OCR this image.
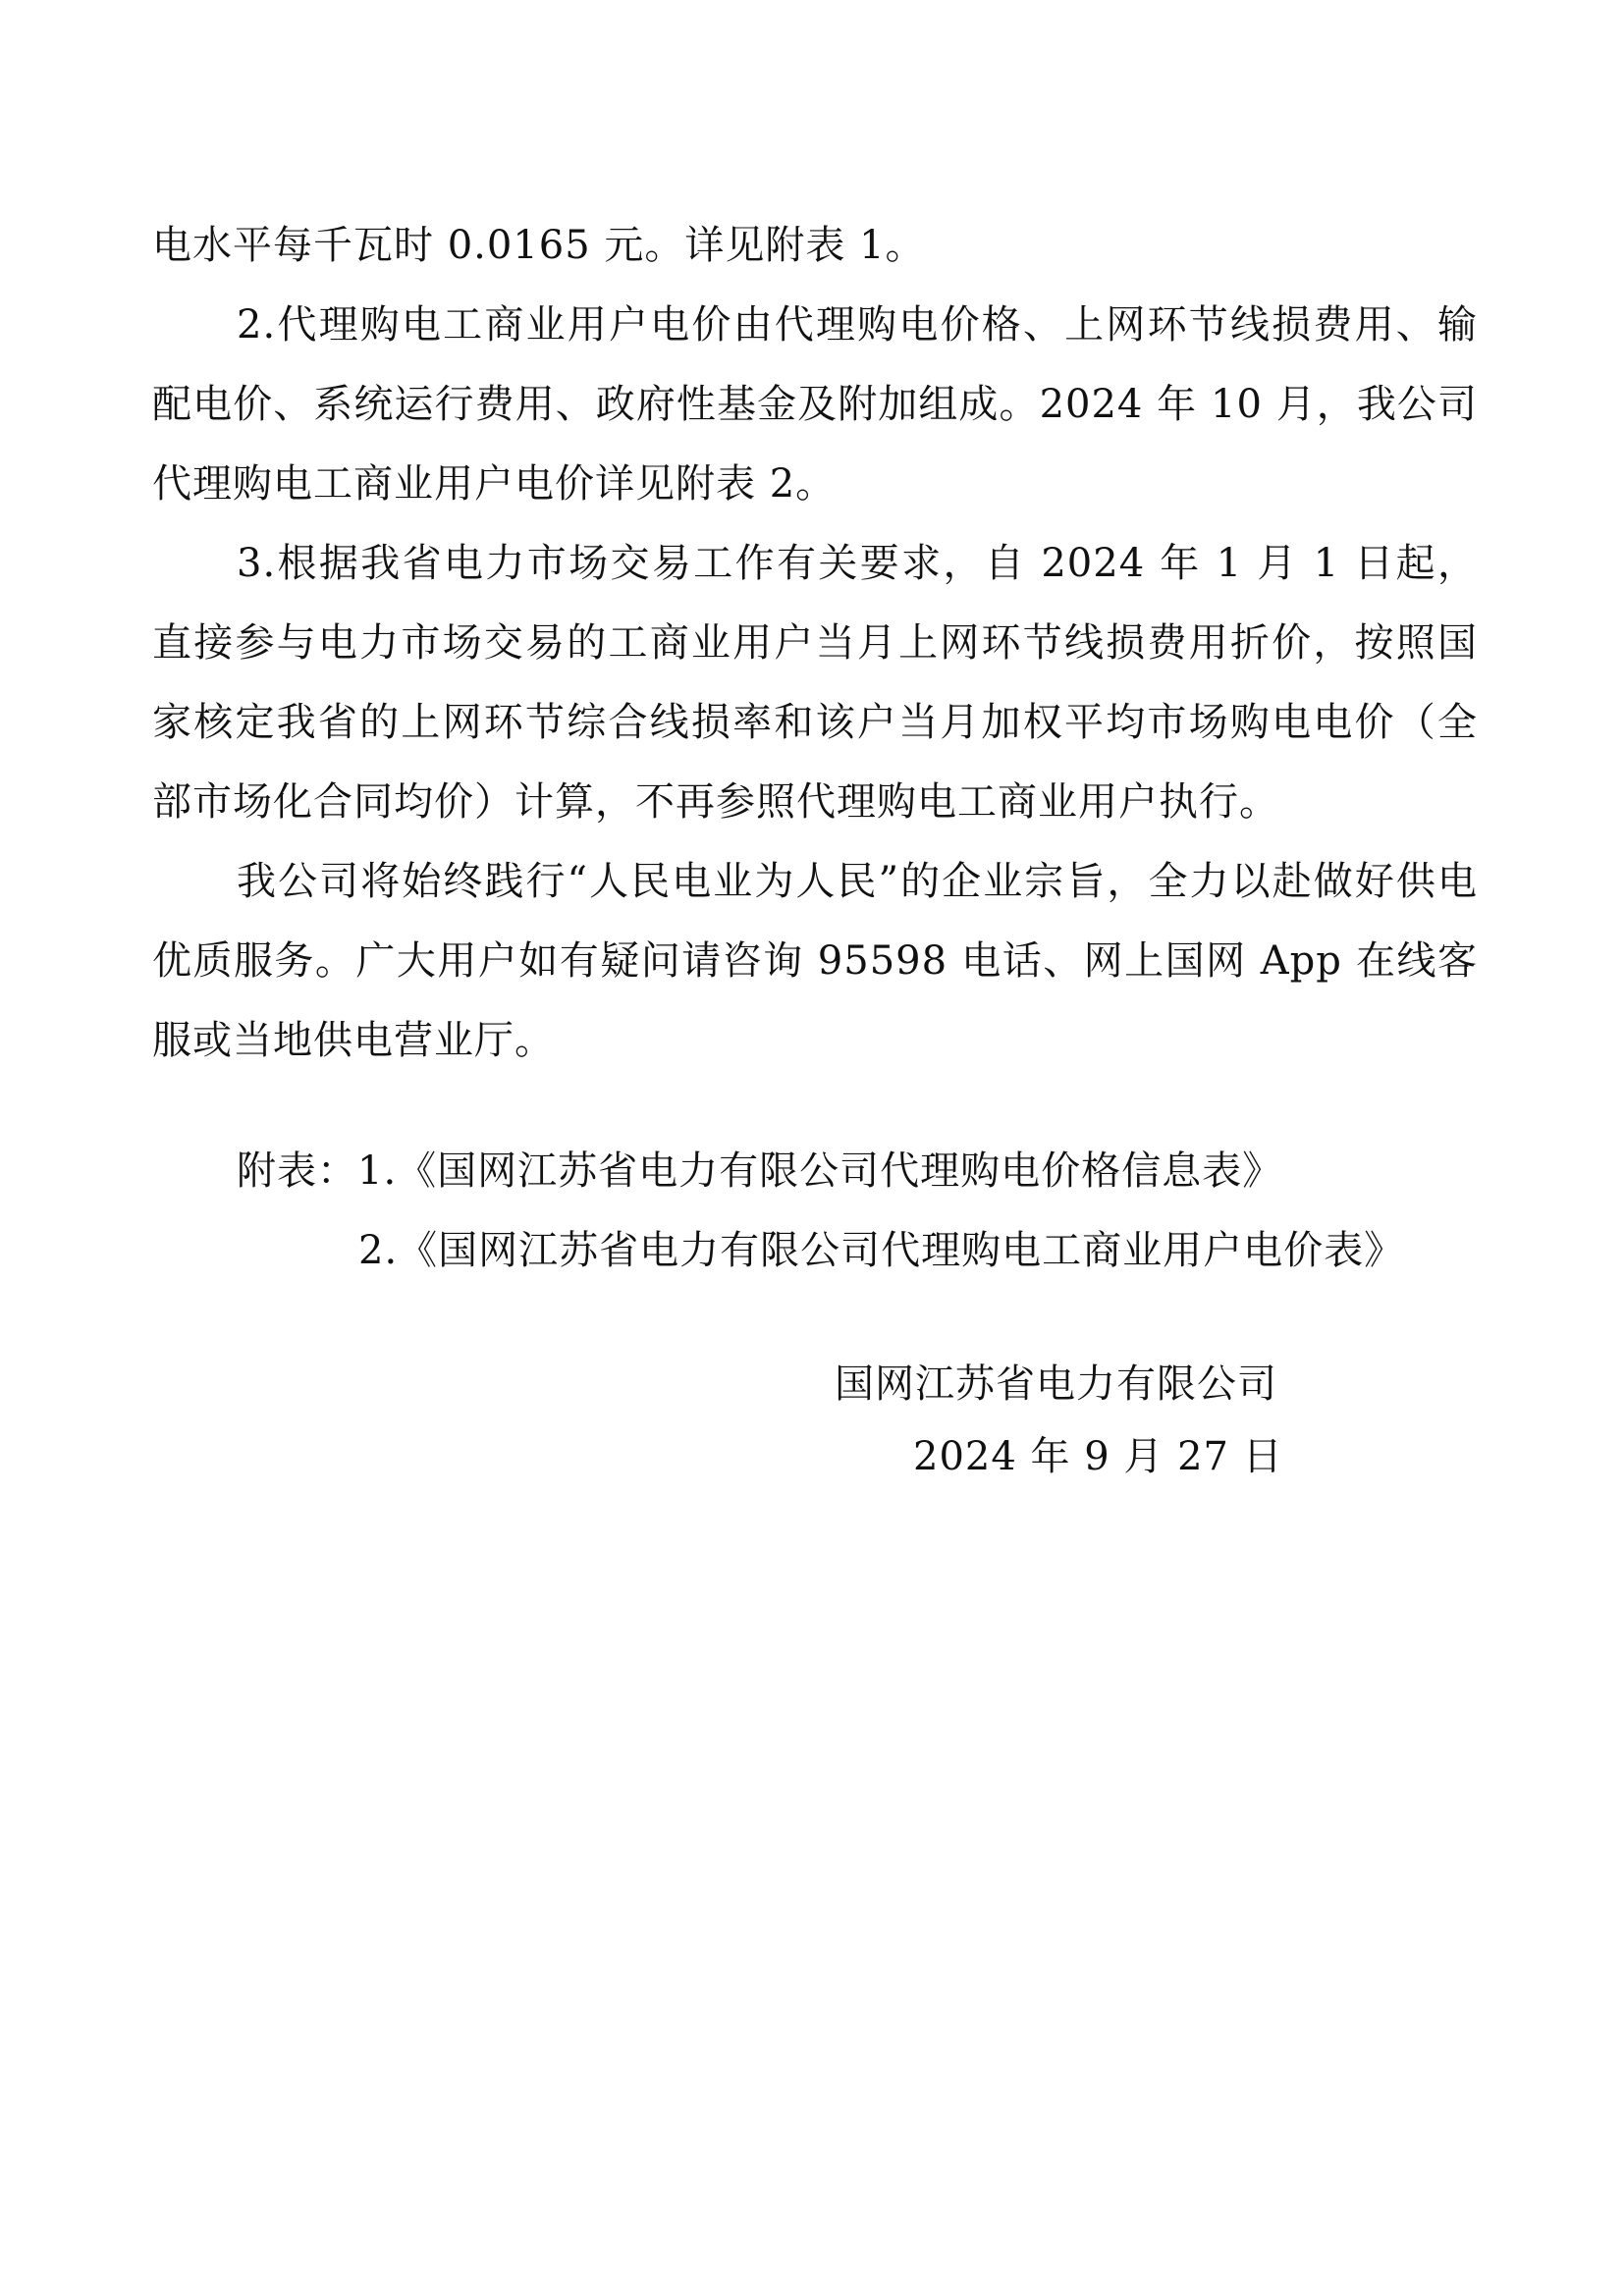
电水平每千瓦时 0.0165 元。详见附表 1。

2.代理购电工商业用户电价由代理购电价格、上网环节线损费用、输配电价、系统运行费用、政府性基金及附加组成。2024 年 10 月，我公司代理购电工商业用户电价详见附表 2。

3.根据我省电力市场交易工作有关要求，自 2024 年 1 月 1 日起，直接参与电力市场交易的工商业用户当月上网环节线损费用折价，按照国家核定我省的上网环节综合线损率和该户当月加权平均市场购电电价（全部市场化合同均价）计算，不再参照代理购电工商业用户执行。

我公司将始终践行“人民电业为人民”的企业宗旨，全力以赴做好供电优质服务。广大用户如有疑问请咨询 95598 电话、网上国网 App 在线客服或当地供电营业厅。

附表：1.《国网江苏省电力有限公司代理购电价格信息表》
2.《国网江苏省电力有限公司代理购电工商业用户电价表》
国网江苏省电力有限公司
2024 年 9 月 27 日
